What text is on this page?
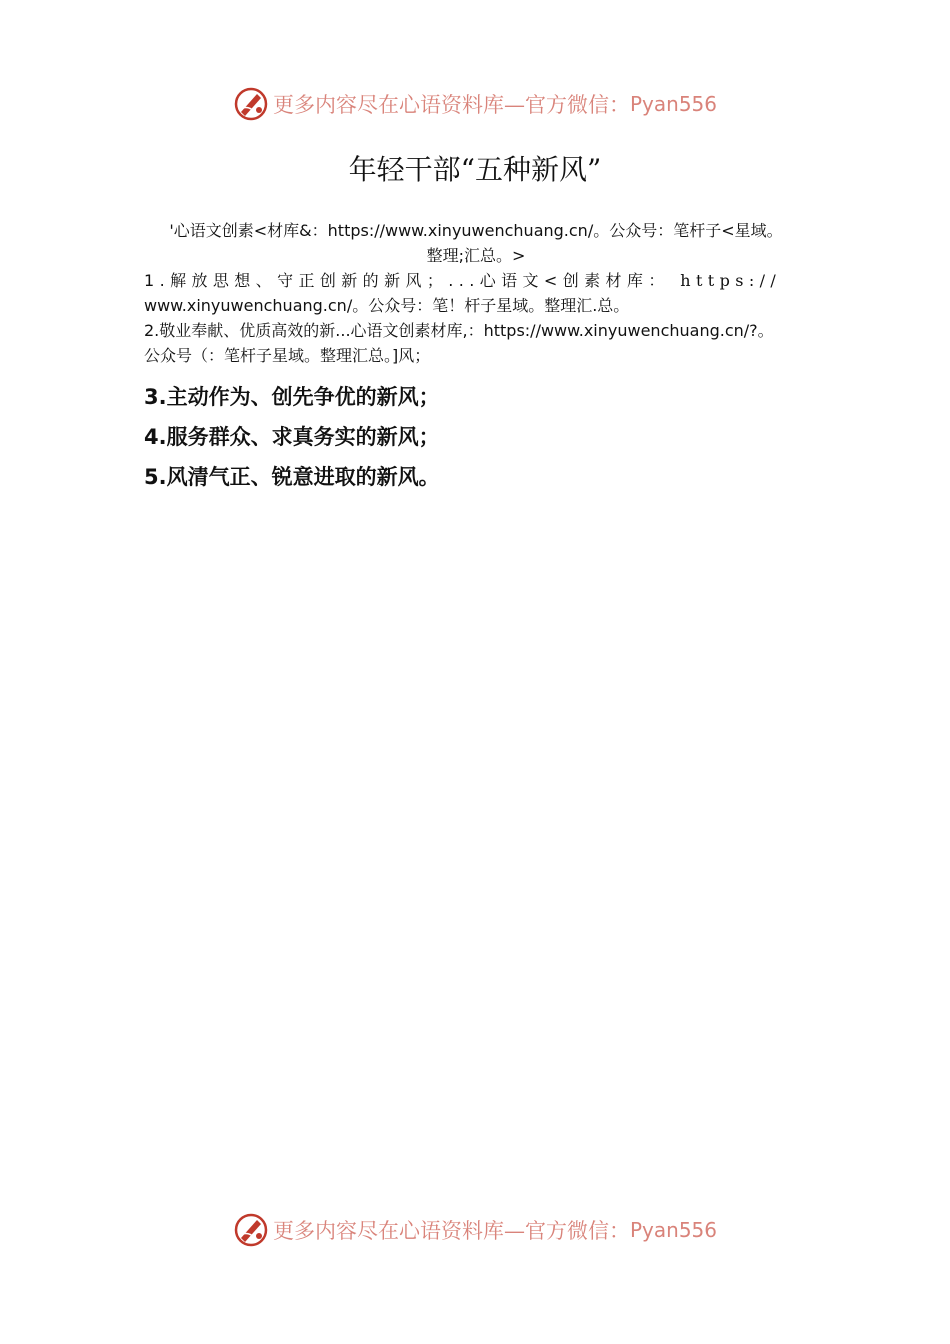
更多内容尽在心语资料库—官方微信： Pyan556
年轻干部“五种新风”
'心语文创素<材库&：https://www.xinyuwenchuang.cn/。公众号：笔杆子<星域。
整理;汇总。>
1.解放思想、守正创新的新风；...心语文<创素材库： https://
www.xinyuwenchuang.cn/。公众号：笔！杆子星域。整理汇.总。
2.敬业奉献、优质高效的新...心语文创素材库,：https://www.xinyuwenchuang.cn/?。
公众号（：笔杆子星域。整理汇总。]风；
3.主动作为、创先争优的新风；
4.服务群众、求真务实的新风；
5.风清气正、锐意进取的新风。
更多内容尽在心语资料库—官方微信： Pyan556
